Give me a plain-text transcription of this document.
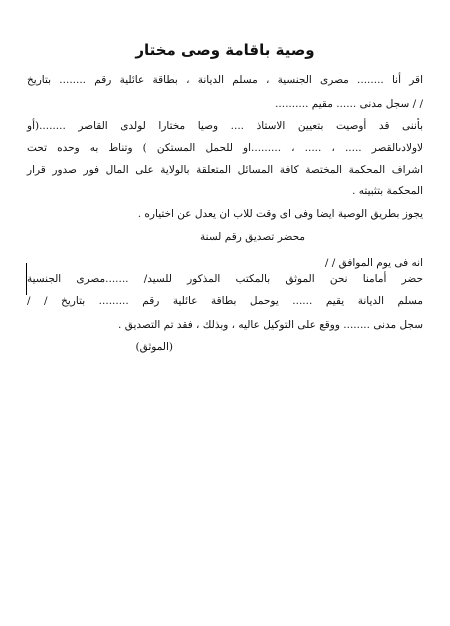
وصية باقامة وصى مختار
اقر أنا ........ مصرى الجنسية ، مسلم الديانة ، بطاقة عائلية رقم ........ بتاريخ
/ / سجل مدنى ...... مقيم ..........
بأننى قد أوصيت بتعيين الاستاذ .... وصيا مختارا لولدى القاصر ........(أو
لاولادىالقصر ..... ، ..... ، .........او للحمل المستكن ) وتناط به وحده تحت
اشراف المحكمة المختصة كافة المسائل المتعلقة بالولاية على المال فور صدور قرار
المحكمة بتثبيته .
يجوز بطريق الوصية ايضا وفى اى وقت للاب ان يعدل عن اختياره .
محضر تصديق رقم لسنة
انه فى يوم الموافق / /
حضر أمامنا نحن الموثق بالمكتب المذكور للسيد/ .......مصرى الجنسية
مسلم الديانة يقيم ...... يوحمل بطاقة عائلية رقم ......... بتاريخ / /
سجل مدنى ........ ووقع على التوكيل عاليه ، وبذلك ، فقد تم التصديق .
(الموثق)
